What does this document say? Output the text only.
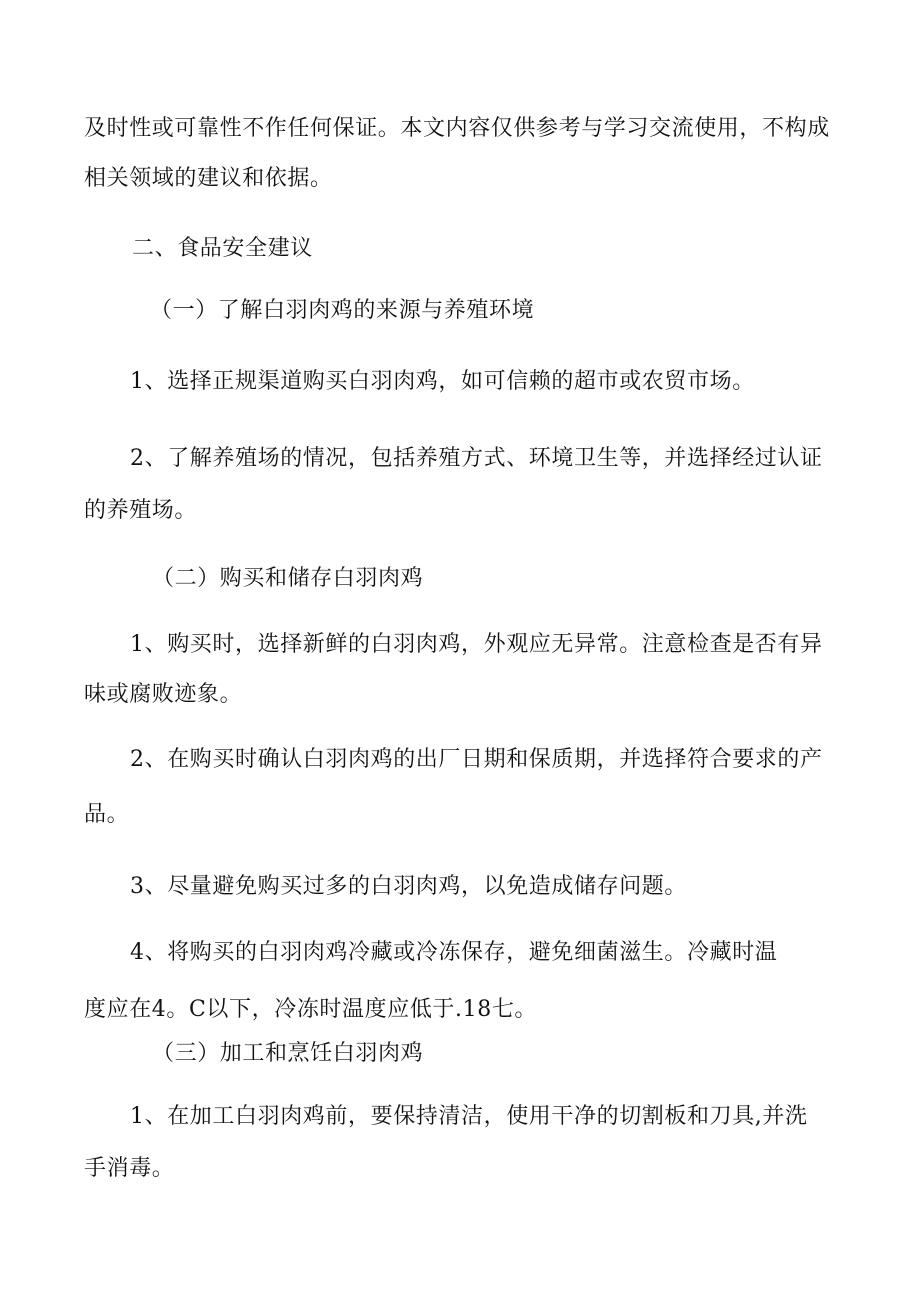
及时性或可靠性不作任何保证。本文内容仅供参考与学习交流使用，不构成
相关领域的建议和依据。
二、食品安全建议
（一）了解白羽肉鸡的来源与养殖环境
1、选择正规渠道购买白羽肉鸡，如可信赖的超市或农贸市场。
2、了解养殖场的情况，包括养殖方式、环境卫生等，并选择经过认证
的养殖场。
（二）购买和储存白羽肉鸡
1、购买时，选择新鲜的白羽肉鸡，外观应无异常。注意检查是否有异
味或腐败迹象。
2、在购买时确认白羽肉鸡的出厂日期和保质期，并选择符合要求的产
品。
3、尽量避免购买过多的白羽肉鸡，以免造成储存问题。
4、将购买的白羽肉鸡冷藏或冷冻保存，避免细菌滋生。冷藏时温
度应在4。C以下，冷冻时温度应低于.18七。
（三）加工和烹饪白羽肉鸡
1、在加工白羽肉鸡前，要保持清洁，使用干净的切割板和刀具,并洗
手消毒。
